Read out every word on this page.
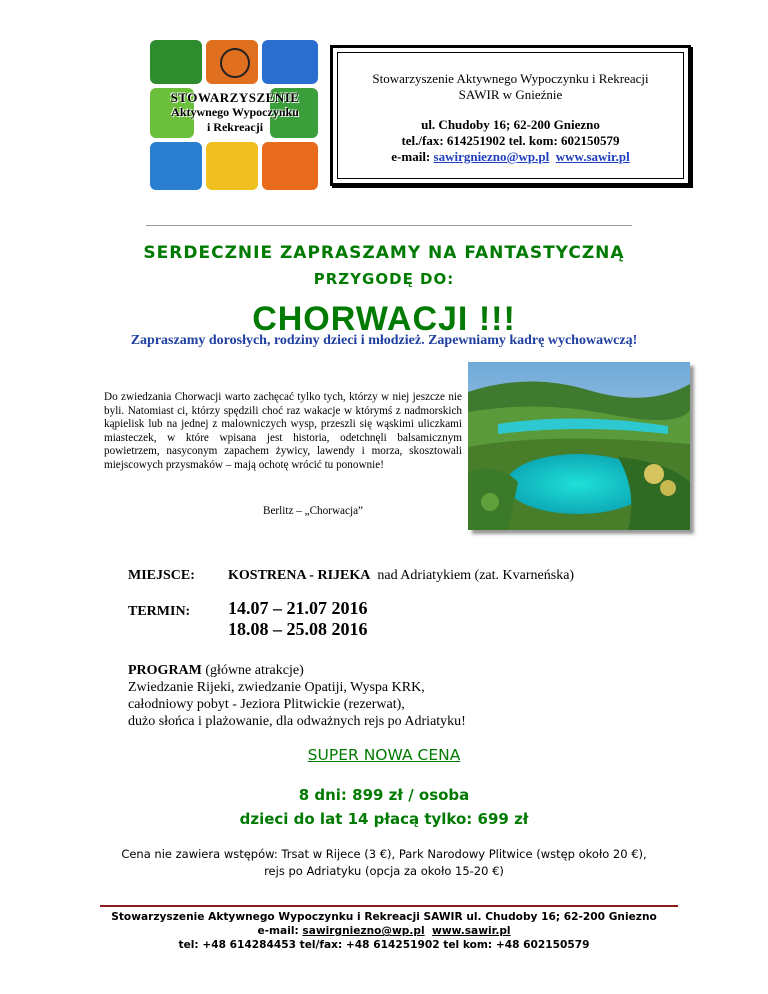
STOWARZYSZENIE
Aktywnego Wypoczynku
i Rekreacji
Stowarzyszenie Aktywnego Wypoczynku i Rekreacji
SAWIR w Gnieźnie
ul. Chudoby 16; 62-200 Gniezno
tel./fax: 614251902 tel. kom: 602150579
e-mail: sawirgniezno@wp.pl www.sawir.pl
SERDECZNIE ZAPRASZAMY NA FANTASTYCZNĄ
PRZYGODĘ DO:
CHORWACJI !!!
Zapraszamy dorosłych, rodziny dzieci i młodzież. Zapewniamy kadrę wychowawczą!
Do zwiedzania Chorwacji warto zachęcać tylko tych, którzy w niej jeszcze nie byli. Natomiast ci, którzy spędzili choć raz wakacje w którymś z nadmorskich kąpielisk lub na jednej z malowniczych wysp, przeszli się wąskimi uliczkami miasteczek, w które wpisana jest historia, odetchnęli balsamicznym powietrzem, nasyconym zapachem żywicy, lawendy i morza, skosztowali miejscowych przysmaków – mają ochotę wrócić tu ponownie!
Berlitz – „Chorwacja”
MIEJSCE: KOSTRENA - RIJEKA  nad Adriatykiem (zat. Kvarneńska)
TERMIN: 14.07 – 21.07 2016
18.08 – 25.08 2016
PROGRAM (główne atrakcje)
Zwiedzanie Rijeki, zwiedzanie Opatiji, Wyspa KRK,
całodniowy pobyt - Jeziora Plitwickie (rezerwat),
dużo słońca i plażowanie, dla odważnych rejs po Adriatyku!
SUPER NOWA CENA
8 dni: 899 zł / osoba
dzieci do lat 14 płacą tylko: 699 zł
Cena nie zawiera wstępów: Trsat w Rijece (3 €), Park Narodowy Plitwice (wstęp około 20 €),
rejs po Adriatyku (opcja za około 15-20 €)
Stowarzyszenie Aktywnego Wypoczynku i Rekreacji SAWIR ul. Chudoby 16; 62-200 Gniezno
e-mail: sawirgniezno@wp.pl www.sawir.pl
tel: +48 614284453 tel/fax: +48 614251902 tel kom: +48 602150579
